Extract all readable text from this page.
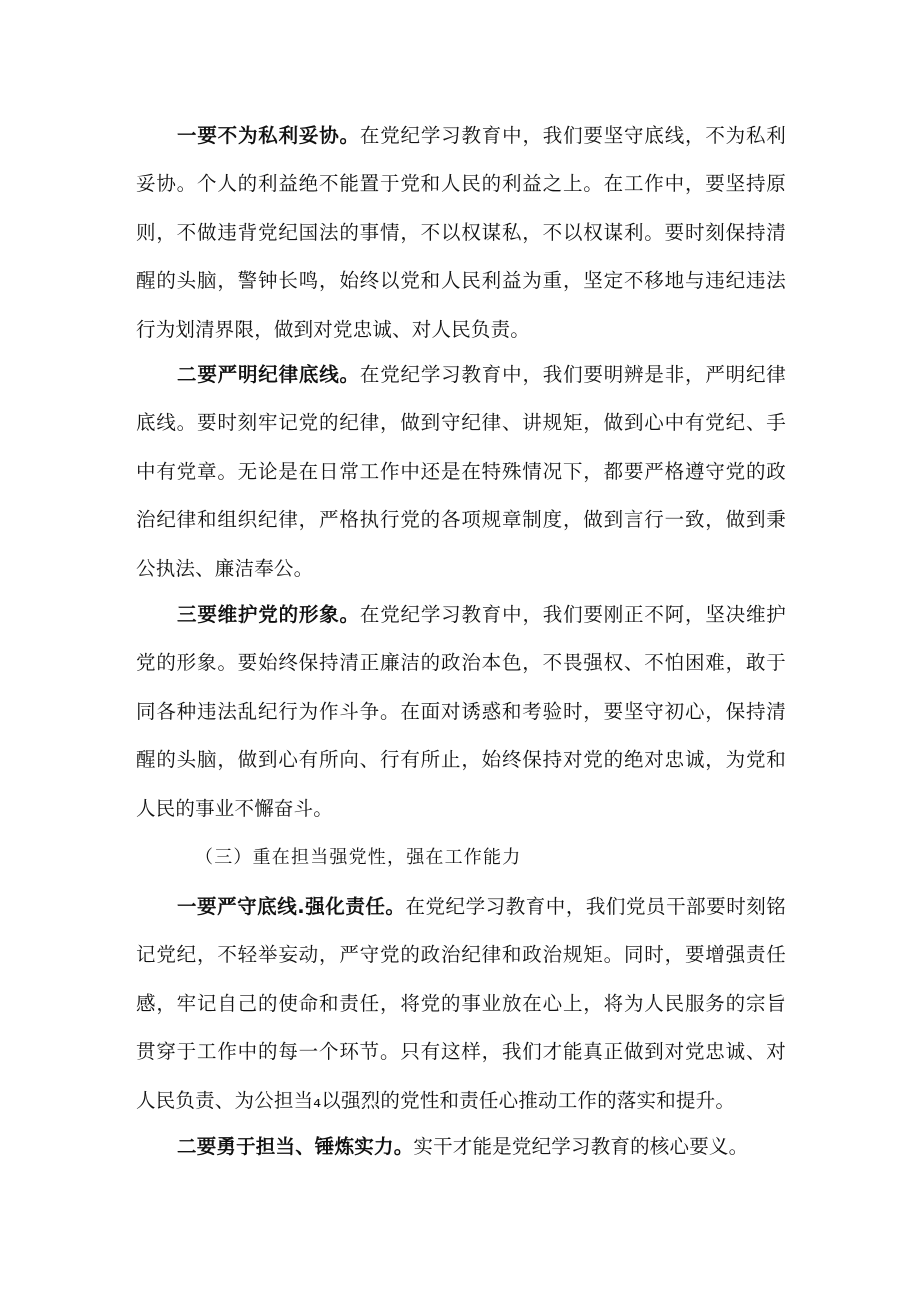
一要不为私利妥协。在党纪学习教育中，我们要坚守底线，不为私利妥协。个人的利益绝不能置于党和人民的利益之上。在工作中，要坚持原则，不做违背党纪国法的事情，不以权谋私，不以权谋利。要时刻保持清醒的头脑，警钟长鸣，始终以党和人民利益为重，坚定不移地与违纪违法行为划清界限，做到对党忠诚、对人民负责。

二要严明纪律底线。在党纪学习教育中，我们要明辨是非，严明纪律底线。要时刻牢记党的纪律，做到守纪律、讲规矩，做到心中有党纪、手中有党章。无论是在日常工作中还是在特殊情况下，都要严格遵守党的政治纪律和组织纪律，严格执行党的各项规章制度，做到言行一致，做到秉公执法、廉洁奉公。

三要维护党的形象。在党纪学习教育中，我们要刚正不阿，坚决维护党的形象。要始终保持清正廉洁的政治本色，不畏强权、不怕困难，敢于同各种违法乱纪行为作斗争。在面对诱惑和考验时，要坚守初心，保持清醒的头脑，做到心有所向、行有所止，始终保持对党的绝对忠诚，为党和人民的事业不懈奋斗。

（三）重在担当强党性，强在工作能力

一要严守底线.强化责任。在党纪学习教育中，我们党员干部要时刻铭记党纪，不轻举妄动，严守党的政治纪律和政治规矩。同时，要增强责任感，牢记自己的使命和责任，将党的事业放在心上，将为人民服务的宗旨贯穿于工作中的每一个环节。只有这样，我们才能真正做到对党忠诚、对人民负责、为公担当₄以强烈的党性和责任心推动工作的落实和提升。

二要勇于担当、锤炼实力。实干才能是党纪学习教育的核心要义。
